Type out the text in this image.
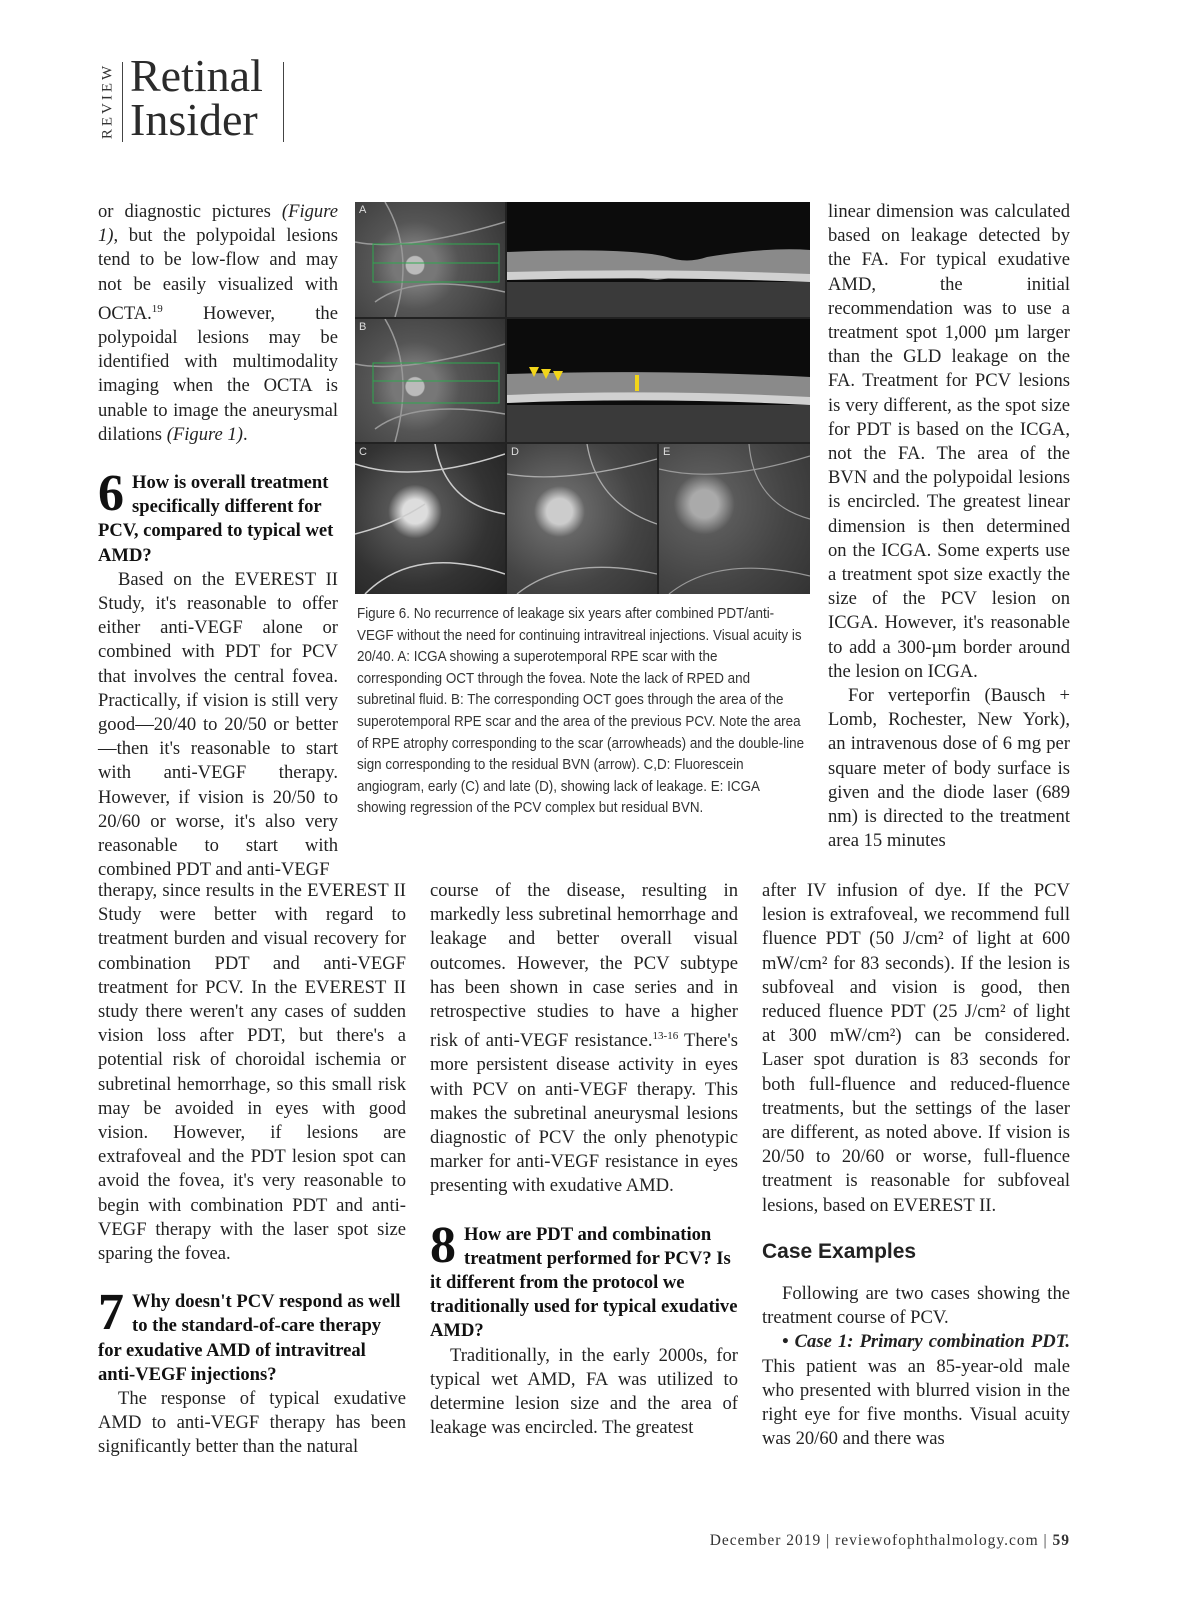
REVIEW Retinal
Insider

or diagnostic pictures (Figure 1), but the polypoidal lesions tend to be low-flow and may not be easily visualized with OCTA.$^{19}$ However, the polypoidal lesions may be identified with multimodality imaging when the OCTA is unable to image the aneurysmal dilations (Figure 1).

6 How is overall treatment specifically different for PCV, compared to typical wet AMD?

Based on the EVEREST II Study, it's reasonable to offer either anti-VEGF alone or combined with PDT for PCV that involves the central fovea. Practically, if vision is still very good—20/40 to 20/50 or better—then it's reasonable to start with anti-VEGF therapy. However, if vision is 20/50 to 20/60 or worse, it's also very reasonable to start with combined PDT and anti-VEGF

A
B
C	D	E
Figure 6. No recurrence of leakage six years after combined PDT/anti-VEGF without the need for continuing intravitreal injections. Visual acuity is 20/40. A: ICGA showing a superotemporal RPE scar with the corresponding OCT through the fovea. Note the lack of RPED and subretinal fluid. B: The corresponding OCT goes through the area of the superotemporal RPE scar and the area of the previous PCV. Note the area of RPE atrophy corresponding to the scar (arrowheads) and the double-line sign corresponding to the residual BVN (arrow). C,D: Fluorescein angiogram, early (C) and late (D), showing lack of leakage. E: ICGA showing regression of the PCV complex but residual BVN.

linear dimension was calculated based on leakage detected by the FA. For typical exudative AMD, the initial recommendation was to use a treatment spot 1,000 µm larger than the GLD leakage on the FA. Treatment for PCV lesions is very different, as the spot size for PDT is based on the ICGA, not the FA. The area of the BVN and the polypoidal lesions is encircled. The greatest linear dimension is then determined on the ICGA. Some experts use a treatment spot size exactly the size of the PCV lesion on ICGA. However, it's reasonable to add a 300-µm border around the lesion on ICGA.

For verteporfin (Bausch + Lomb, Rochester, New York), an intravenous dose of 6 mg per square meter of body surface is given and the diode laser (689 nm) is directed to the treatment area 15 minutes

therapy, since results in the EVEREST II Study were better with regard to treatment burden and visual recovery for combination PDT and anti-VEGF treatment for PCV. In the EVEREST II study there weren't any cases of sudden vision loss after PDT, but there's a potential risk of choroidal ischemia or subretinal hemorrhage, so this small risk may be avoided in eyes with good vision. However, if lesions are extrafoveal and the PDT lesion spot can avoid the fovea, it's very reasonable to begin with combination PDT and anti-VEGF therapy with the laser spot size sparing the fovea.

7 Why doesn't PCV respond as well to the standard-of-care therapy for exudative AMD of intravitreal anti-VEGF injections?

The response of typical exudative AMD to anti-VEGF therapy has been significantly better than the natural

course of the disease, resulting in markedly less subretinal hemorrhage and leakage and better overall visual outcomes. However, the PCV subtype has been shown in case series and in retrospective studies to have a higher risk of anti-VEGF resistance.$^{13-16}$ There's more persistent disease activity in eyes with PCV on anti-VEGF therapy. This makes the subretinal aneurysmal lesions diagnostic of PCV the only phenotypic marker for anti-VEGF resistance in eyes presenting with exudative AMD.

8 How are PDT and combination treatment performed for PCV? Is it different from the protocol we traditionally used for typical exudative AMD?

Traditionally, in the early 2000s, for typical wet AMD, FA was utilized to determine lesion size and the area of leakage was encircled. The greatest

after IV infusion of dye. If the PCV lesion is extrafoveal, we recommend full fluence PDT (50 J/cm² of light at 600 mW/cm² for 83 seconds). If the lesion is subfoveal and vision is good, then reduced fluence PDT (25 J/cm² of light at 300 mW/cm²) can be considered. Laser spot duration is 83 seconds for both full-fluence and reduced-fluence treatments, but the settings of the laser are different, as noted above. If vision is 20/50 to 20/60 or worse, full-fluence treatment is reasonable for subfoveal lesions, based on EVEREST II.

Case Examples

Following are two cases showing the treatment course of PCV.

• Case 1: Primary combination PDT. This patient was an 85-year-old male who presented with blurred vision in the right eye for five months. Visual acuity was 20/60 and there was

December 2019 | reviewofophthalmology.com | 59
